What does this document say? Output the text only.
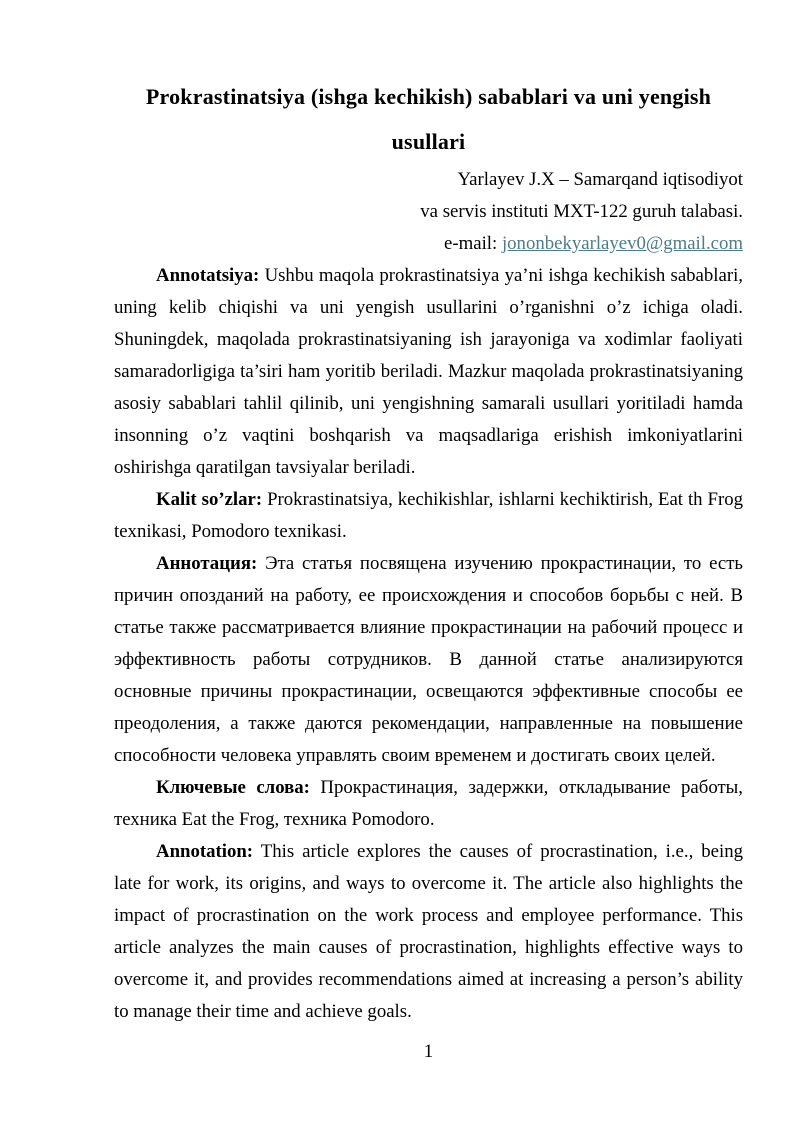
Prokrastinatsiya (ishga kechikish) sabablari va uni yengish usullari
Yarlayev J.X – Samarqand iqtisodiyot
va servis instituti MXT-122 guruh talabasi.
e-mail: jononbekyarlayev0@gmail.com

Annotatsiya: Ushbu maqola prokrastinatsiya ya’ni ishga kechikish sabablari, uning kelib chiqishi va uni yengish usullarini o’rganishni o’z ichiga oladi. Shuningdek, maqolada prokrastinatsiyaning ish jarayoniga va xodimlar faoliyati samaradorligiga ta’siri ham yoritib beriladi. Mazkur maqolada prokrastinatsiyaning asosiy sabablari tahlil qilinib, uni yengishning samarali usullari yoritiladi hamda insonning o’z vaqtini boshqarish va maqsadlariga erishish imkoniyatlarini oshirishga qaratilgan tavsiyalar beriladi.

Kalit so’zlar: Prokrastinatsiya, kechikishlar, ishlarni kechiktirish, Eat th Frog texnikasi, Pomodoro texnikasi.

Аннотация: Эта статья посвящена изучению прокрастинации, то есть причин опозданий на работу, ее происхождения и способов борьбы с ней. В статье также рассматривается влияние прокрастинации на рабочий процесс и эффективность работы сотрудников. В данной статье анализируются основные причины прокрастинации, освещаются эффективные способы ее преодоления, а также даются рекомендации, направленные на повышение способности человека управлять своим временем и достигать своих целей.

Ключевые слова: Прокрастинация, задержки, откладывание работы, техника Eat the Frog, техника Pomodoro.

Annotation: This article explores the causes of procrastination, i.e., being late for work, its origins, and ways to overcome it. The article also highlights the impact of procrastination on the work process and employee performance. This article analyzes the main causes of procrastination, highlights effective ways to overcome it, and provides recommendations aimed at increasing a person’s ability to manage their time and achieve goals.

1
